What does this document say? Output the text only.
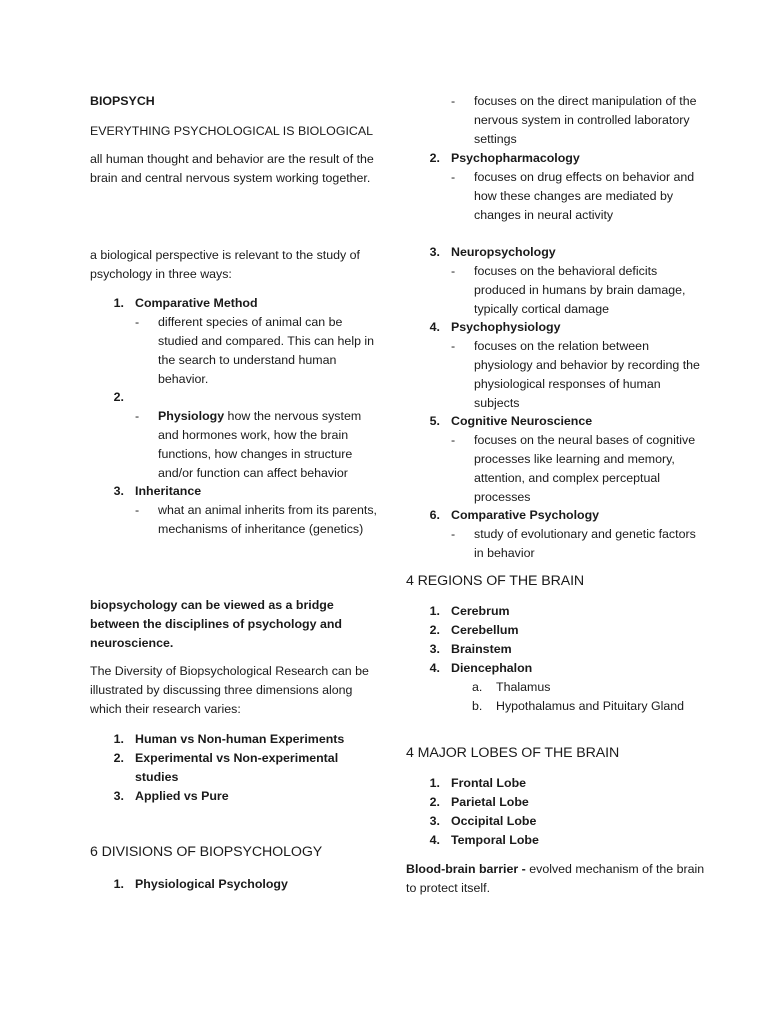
BIOPSYCH

EVERYTHING PSYCHOLOGICAL IS BIOLOGICAL

all human thought and behavior are the result of the brain and central nervous system working together.

a biological perspective is relevant to the study of psychology in three ways:

1. Comparative Method
- different species of animal can be studied and compared. This can help in the search to understand human behavior.
2.
- Physiology how the nervous system and hormones work, how the brain functions, how changes in structure and/or function can affect behavior
3. Inheritance
- what an animal inherits from its parents, mechanisms of inheritance (genetics)

biopsychology can be viewed as a bridge between the disciplines of psychology and neuroscience.

The Diversity of Biopsychological Research can be illustrated by discussing three dimensions along which their research varies:

1. Human vs Non-human Experiments
2. Experimental vs Non-experimental studies
3. Applied vs Pure

6 DIVISIONS OF BIOPSYCHOLOGY

1. Physiological Psychology
- focuses on the direct manipulation of the nervous system in controlled laboratory settings
2. Psychopharmacology
- focuses on drug effects on behavior and how these changes are mediated by changes in neural activity
3. Neuropsychology
- focuses on the behavioral deficits produced in humans by brain damage, typically cortical damage
4. Psychophysiology
- focuses on the relation between physiology and behavior by recording the physiological responses of human subjects
5. Cognitive Neuroscience
- focuses on the neural bases of cognitive processes like learning and memory, attention, and complex perceptual processes
6. Comparative Psychology
- study of evolutionary and genetic factors in behavior

4 REGIONS OF THE BRAIN

1. Cerebrum
2. Cerebellum
3. Brainstem
4. Diencephalon
a. Thalamus
b. Hypothalamus and Pituitary Gland

4 MAJOR LOBES OF THE BRAIN

1. Frontal Lobe
2. Parietal Lobe
3. Occipital Lobe
4. Temporal Lobe

Blood-brain barrier - evolved mechanism of the brain to protect itself.
